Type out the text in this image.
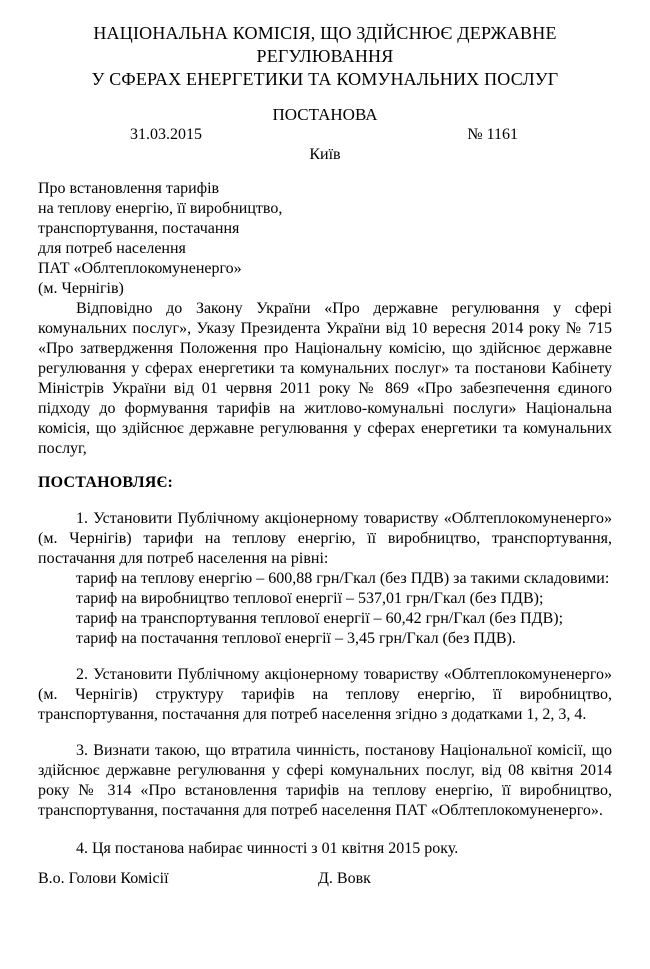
НАЦІОНАЛЬНА КОМІСІЯ, ЩО ЗДІЙСНЮЄ ДЕРЖАВНЕ РЕГУЛЮВАННЯ
У СФЕРАХ ЕНЕРГЕТИКИ ТА КОМУНАЛЬНИХ ПОСЛУГ
ПОСТАНОВА
31.03.2015	№ 1161
Київ
Про встановлення тарифів
на теплову енергію, її виробництво,
транспортування, постачання
для потреб населення
ПАТ «Облтеплокомуненерго»
(м. Чернігів)

Відповідно до Закону України «Про державне регулювання у сфері комунальних послуг», Указу Президента України від 10 вересня 2014 року № 715 «Про затвердження Положення про Національну комісію, що здійснює державне регулювання у сферах енергетики та комунальних послуг» та постанови Кабінету Міністрів України від 01 червня 2011 року № 869 «Про забезпечення єдиного підходу до формування тарифів на житлово-комунальні послуги» Національна комісія, що здійснює державне регулювання у сферах енергетики та комунальних послуг,

ПОСТАНОВЛЯЄ:

1. Установити Публічному акціонерному товариству «Облтеплокомуненерго» (м. Чернігів) тарифи на теплову енергію, її виробництво, транспортування, постачання для потреб населення на рівні:

тариф на теплову енергію – 600,88 грн/Гкал (без ПДВ) за такими складовими:

тариф на виробництво теплової енергії – 537,01 грн/Гкал (без ПДВ);

тариф на транспортування теплової енергії – 60,42 грн/Гкал (без ПДВ);

тариф на постачання теплової енергії – 3,45 грн/Гкал (без ПДВ).

2. Установити Публічному акціонерному товариству «Облтеплокомуненерго» (м. Чернігів) структуру тарифів на теплову енергію, її виробництво, транспортування, постачання для потреб населення згідно з додатками 1, 2, 3, 4.

3. Визнати такою, що втратила чинність, постанову Національної комісії, що здійснює державне регулювання у сфері комунальних послуг, від 08 квітня 2014 року № 314 «Про встановлення тарифів на теплову енергію, її виробництво, транспортування, постачання для потреб населення ПАТ «Облтеплокомуненерго».

4. Ця постанова набирає чинності з 01 квітня 2015 року.

В.о. Голови Комісії	Д. Вовк
